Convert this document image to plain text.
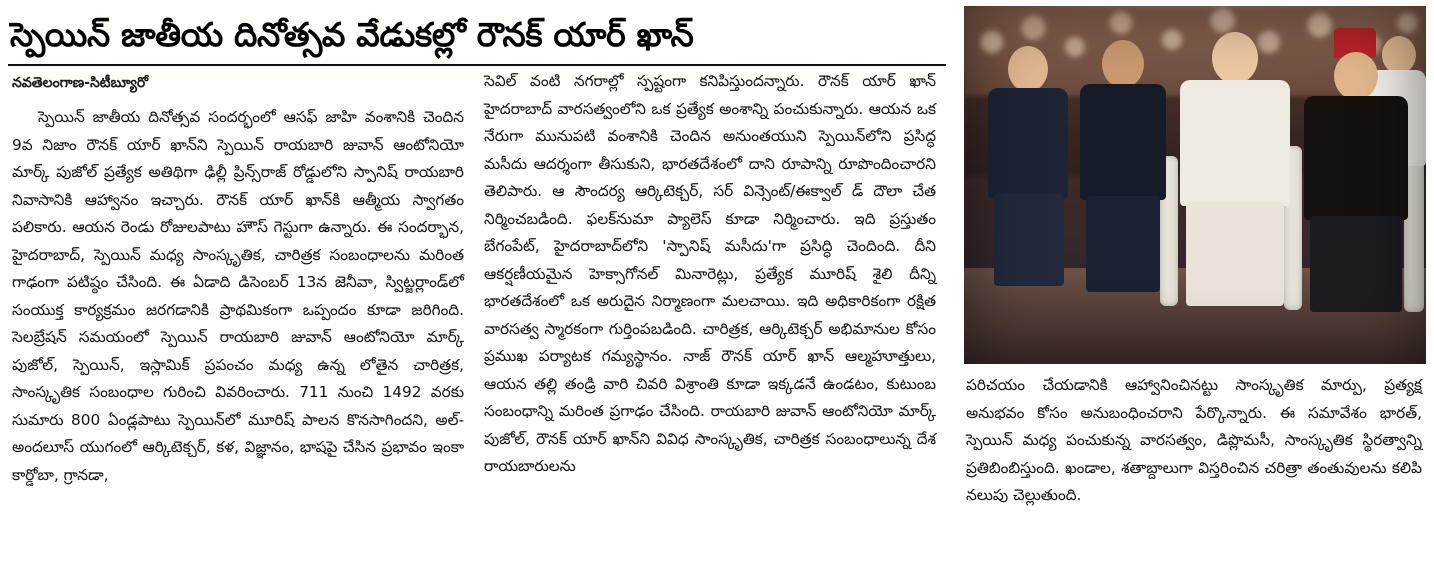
స్పెయిన్ జాతీయ దినోత్సవ వేడుకల్లో రౌనక్ యార్ ఖాన్
నవతెలంగాణ-సిటీబ్యూరో

స్పెయిన్ జాతీయ దినోత్సవ సందర్భంలో ఆసఫ్ జాహి వంశానికి చెందిన 9వ నిజాం రౌనక్ యార్ ఖాన్‌ని స్పెయిన్ రాయబారి జువాన్ ఆంటోనియో మార్క్ పుజోల్ ప్రత్యేక అతిథిగా ఢిల్లీ ప్రిన్స్‌రాజ్ రోడ్డులోని స్పానిష్ రాయబారి నివాసానికి ఆహ్వానం ఇచ్చారు. రౌనక్ యార్ ఖాన్‌కి ఆత్మీయ స్వాగతం పలికారు. ఆయన రెండు రోజులపాటు హౌస్ గెస్టుగా ఉన్నారు. ఈ సందర్భాన, హైదరాబాద్, స్పెయిన్ మధ్య సాంస్కృతిక, చారిత్రక సంబంధాలను మరింత గాఢంగా పటిష్ఠం చేసింది. ఈ ఏడాది డిసెంబర్ 13న జెనీవా, స్విట్జర్లాండ్‌లో సంయుక్త కార్యక్రమం జరగడానికి ప్రాథమికంగా ఒప్పందం కూడా జరిగింది. సెలబ్రేషన్ సమయంలో స్పెయిన్ రాయబారి జువాన్ ఆంటోనియో మార్క్ పుజోల్, స్పెయిన్, ఇస్లామిక్ ప్రపంచం మధ్య ఉన్న లోతైన చారిత్రక, సాంస్కృతిక సంబంధాల గురించి వివరించారు. 711 నుంచి 1492 వరకు సుమారు 800 ఏండ్లపాటు స్పెయిన్‌లో మూరిష్ పాలన కొనసాగిందని, అల్-అందలూస్ యుగంలో ఆర్కిటెక్చర్, కళ, విజ్ఞానం, భాషపై చేసిన ప్రభావం ఇంకా కార్డోబా, గ్రానడా,

సెవిల్ వంటి నగరాల్లో స్పష్టంగా కనిపిస్తుందన్నారు. రౌనక్ యార్ ఖాన్ హైదరాబాద్ వారసత్వంలోని ఒక ప్రత్యేక అంశాన్ని పంచుకున్నారు. ఆయన ఒక నేరుగా మునుపటి వంశానికి చెందిన అనుంతయుని స్పెయిన్‌లోని ప్రసిద్ధ మసీదు ఆదర్శంగా తీసుకుని, భారతదేశంలో దాని రూపాన్ని రూపొందించారని తెలిపారు. ఆ సౌందర్య ఆర్కిటెక్చర్, సర్ విన్సెంట్/ఈక్వాల్ డ్ దౌలా చేత నిర్మించబడింది. ఫలక్‌నుమా ప్యాలెస్ కూడా నిర్మించారు. ఇది ప్రస్తుతం బేగంపేట్, హైదరాబాద్‌లోని 'స్పానిష్ మసీదు'గా ప్రసిద్ధి చెందింది. దీని ఆకర్షణీయమైన హెక్సాగోనల్ మినారెట్లు, ప్రత్యేక మూరిష్ శైలి దీన్ని భారతదేశంలో ఒక అరుదైన నిర్మాణంగా మలచాయి. ఇది అధికారికంగా రక్షిత వారసత్వ స్మారకంగా గుర్తింపబడింది. చారిత్రక, ఆర్కిటెక్చర్ అభిమానుల కోసం ప్రముఖ పర్యాటక గమ్యస్థానం. నాజ్ రౌనక్ యార్ ఖాన్ ఆల్మహూత్తులు, ఆయన తల్లి తండ్రి వారి చివరి విశ్రాంతి కూడా ఇక్కడనే ఉండటం, కుటుంబ సంబంధాన్ని మరింత ప్రగాఢం చేసింది. రాయబారి జువాన్ ఆంటోనియో మార్క్ పుజోల్, రౌనక్ యార్ ఖాన్‌ని వివిధ సాంస్కృతిక, చారిత్రక సంబంధాలున్న దేశ రాయబారులను

పరిచయం చేయడానికి ఆహ్వానించినట్టు సాంస్కృతిక మార్పు, ప్రత్యక్ష అనుభవం కోసం అనుబంధించరాని పేర్కొన్నారు. ఈ సమావేశం భారత్, స్పెయిన్ మధ్య పంచుకున్న వారసత్వం, డిప్లొమసీ, సాంస్కృతిక స్థిరత్వాన్ని ప్రతిబింబిస్తుంది. ఖండాల, శతాబ్దాలుగా విస్తరించిన చరిత్రా తంతువులను కలిపి నలుపు చెల్లుతుంది.
